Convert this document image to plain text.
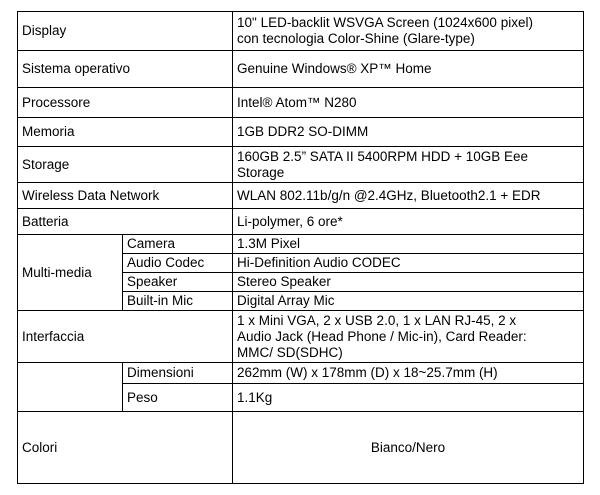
Display		10" LED-backlit WSVGA Screen (1024x600 pixel)
con tecnologia Color-Shine (Glare-type)

Sistema operativo		Genuine Windows® XP™ Home
Processore		Intel® Atom™ N280
Memoria		1GB DDR2 SO-DIMM
Storage		160GB 2.5” SATA II 5400RPM HDD + 10GB Eee
Storage

Wireless Data Network		WLAN 802.11b/g/n @2.4GHz, Bluetooth2.1 + EDR
Batteria		Li-polymer, 6 ore*
Multi-media	Camera	1.3M Pixel
	Audio Codec	Hi-Definition Audio CODEC
	Speaker	Stereo Speaker
	Built-in Mic	Digital Array Mic
Interfaccia		1 x Mini VGA, 2 x USB 2.0, 1 x LAN RJ-45, 2 x
Audio Jack (Head Phone / Mic-in), Card Reader:
MMC/ SD(SDHC)

	Dimensioni	262mm (W) x 178mm (D) x 18~25.7mm (H)
	Peso	1.1Kg
Colori		Bianco/Nero
